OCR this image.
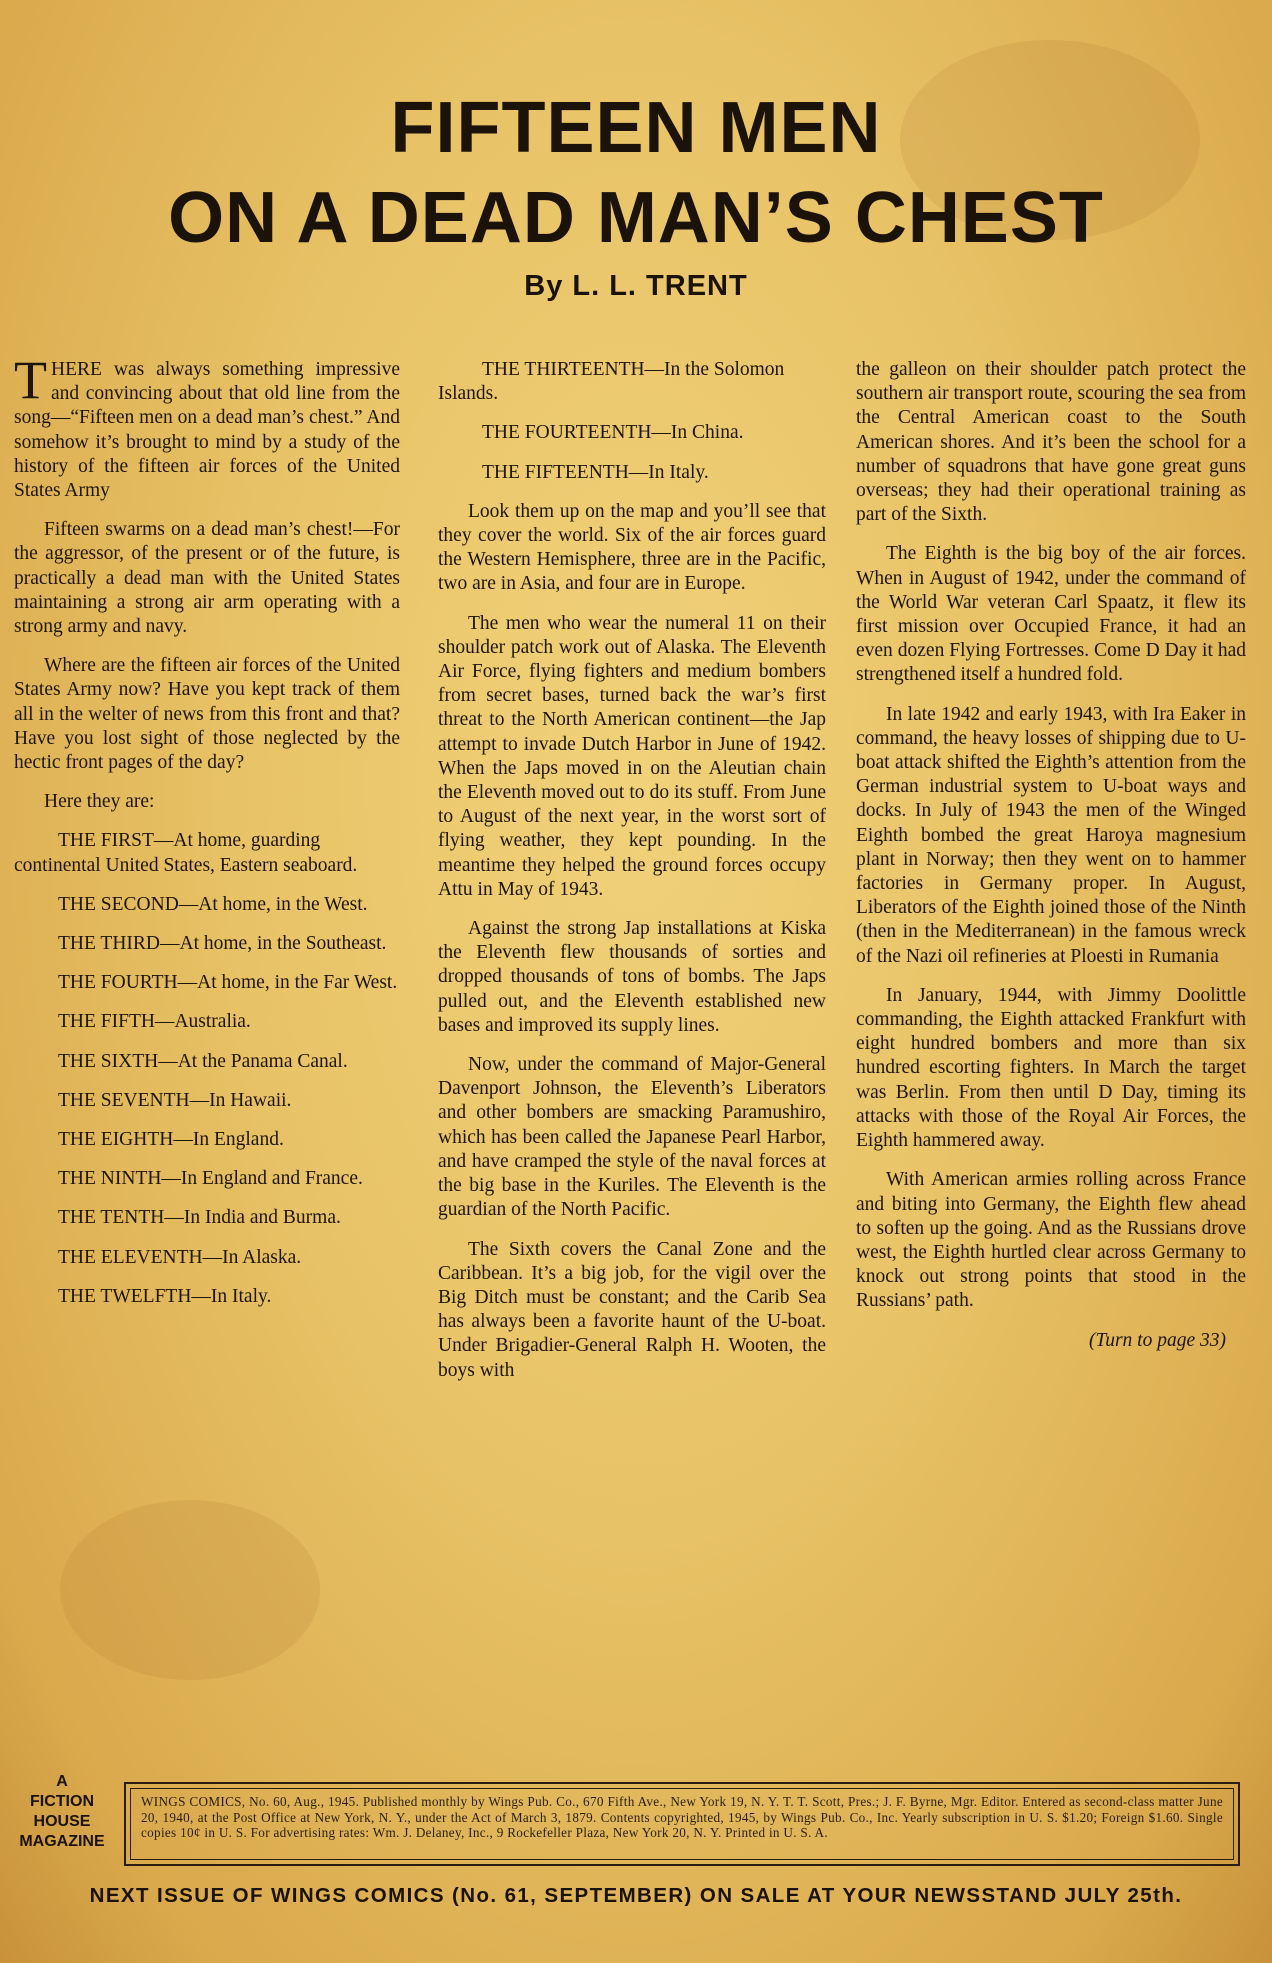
FIFTEEN MEN
ON A DEAD MAN’S CHEST
By L. L. TRENT

THERE was always something impressive and convincing about that old line from the song—“Fifteen men on a dead man’s chest.” And somehow it’s brought to mind by a study of the history of the fifteen air forces of the United States Army

Fifteen swarms on a dead man’s chest!—For the aggressor, of the present or of the future, is practically a dead man with the United States maintaining a strong air arm operating with a strong army and navy.

Where are the fifteen air forces of the United States Army now? Have you kept track of them all in the welter of news from this front and that? Have you lost sight of those neglected by the hectic front pages of the day?

Here they are:

THE FIRST—At home, guarding continental United States, Eastern seaboard.

THE SECOND—At home, in the West.

THE THIRD—At home, in the Southeast.

THE FOURTH—At home, in the Far West.

THE FIFTH—Australia.

THE SIXTH—At the Panama Canal.

THE SEVENTH—In Hawaii.

THE EIGHTH—In England.

THE NINTH—In England and France.

THE TENTH—In India and Burma.

THE ELEVENTH—In Alaska.

THE TWELFTH—In Italy.

THE THIRTEENTH—In the Solomon Islands.

THE FOURTEENTH—In China.

THE FIFTEENTH—In Italy.

Look them up on the map and you’ll see that they cover the world. Six of the air forces guard the Western Hemisphere, three are in the Pacific, two are in Asia, and four are in Europe.

The men who wear the numeral 11 on their shoulder patch work out of Alaska. The Eleventh Air Force, flying fighters and medium bombers from secret bases, turned back the war’s first threat to the North American continent—the Jap attempt to invade Dutch Harbor in June of 1942. When the Japs moved in on the Aleutian chain the Eleventh moved out to do its stuff. From June to August of the next year, in the worst sort of flying weather, they kept pounding. In the meantime they helped the ground forces occupy Attu in May of 1943.

Against the strong Jap installations at Kiska the Eleventh flew thousands of sorties and dropped thousands of tons of bombs. The Japs pulled out, and the Eleventh established new bases and improved its supply lines.

Now, under the command of Major-General Davenport Johnson, the Eleventh’s Liberators and other bombers are smacking Paramushiro, which has been called the Japanese Pearl Harbor, and have cramped the style of the naval forces at the big base in the Kuriles. The Eleventh is the guardian of the North Pacific.

The Sixth covers the Canal Zone and the Caribbean. It’s a big job, for the vigil over the Big Ditch must be constant; and the Carib Sea has always been a favorite haunt of the U-boat. Under Brigadier-General Ralph H. Wooten, the boys with

the galleon on their shoulder patch protect the southern air transport route, scouring the sea from the Central American coast to the South American shores. And it’s been the school for a number of squadrons that have gone great guns overseas; they had their operational training as part of the Sixth.

The Eighth is the big boy of the air forces. When in August of 1942, under the command of the World War veteran Carl Spaatz, it flew its first mission over Occupied France, it had an even dozen Flying Fortresses. Come D Day it had strengthened itself a hundred fold.

In late 1942 and early 1943, with Ira Eaker in command, the heavy losses of shipping due to U-boat attack shifted the Eighth’s attention from the German industrial system to U-boat ways and docks. In July of 1943 the men of the Winged Eighth bombed the great Haroya magnesium plant in Norway; then they went on to hammer factories in Germany proper. In August, Liberators of the Eighth joined those of the Ninth (then in the Mediterranean) in the famous wreck of the Nazi oil refineries at Ploesti in Rumania

In January, 1944, with Jimmy Doolittle commanding, the Eighth attacked Frankfurt with eight hundred bombers and more than six hundred escorting fighters. In March the target was Berlin. From then until D Day, timing its attacks with those of the Royal Air Forces, the Eighth hammered away.

With American armies rolling across France and biting into Germany, the Eighth flew ahead to soften up the going. And as the Russians drove west, the Eighth hurtled clear across Germany to knock out strong points that stood in the Russians’ path.

(Turn to page 33)
A
FICTION
HOUSE
MAGAZINE
WINGS COMICS, No. 60, Aug., 1945. Published monthly by Wings Pub. Co., 670 Fifth Ave., New York 19, N. Y. T. T. Scott, Pres.; J. F. Byrne, Mgr. Editor. Entered as second-class matter June 20, 1940, at the Post Office at New York, N. Y., under the Act of March 3, 1879. Contents copyrighted, 1945, by Wings Pub. Co., Inc. Yearly subscription in U. S. $1.20; Foreign $1.60. Single copies 10¢ in U. S. For advertising rates: Wm. J. Delaney, Inc., 9 Rockefeller Plaza, New York 20, N. Y. Printed in U. S. A.
NEXT ISSUE OF WINGS COMICS (No. 61, SEPTEMBER) ON SALE AT YOUR NEWSSTAND JULY 25th.
